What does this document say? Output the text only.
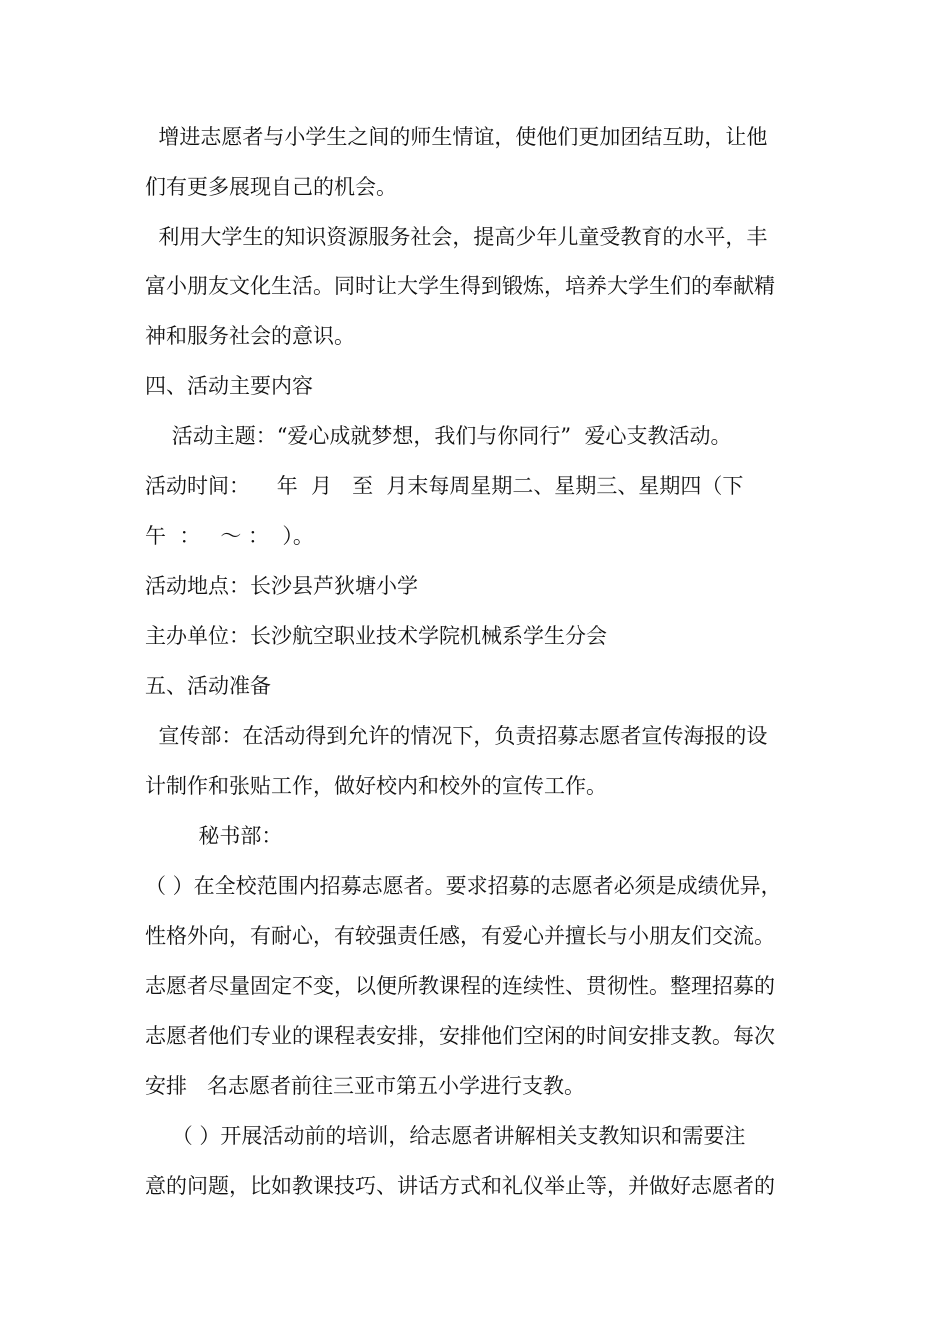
增进志愿者与小学生之间的师生情谊，使他们更加团结互助，让他
们有更多展现自己的机会。
利用大学生的知识资源服务社会，提高少年儿童受教育的水平，丰
富小朋友文化生活。同时让大学生得到锻炼，培养大学生们的奉献精
神和服务社会的意识。
四、活动主要内容
活动主题：“爱心成就梦想，我们与你同行”  爱心支教活动。
活动时间：    年  月   至  月末每周星期二、星期三、星期四（下
午  ：   ～ ：  ）。
活动地点：长沙县芦狄塘小学
主办单位：长沙航空职业技术学院机械系学生分会
五、活动准备
宣传部：在活动得到允许的情况下，负责招募志愿者宣传海报的设
计制作和张贴工作，做好校内和校外的宣传工作。
秘书部：
（ ）在全校范围内招募志愿者。要求招募的志愿者必须是成绩优异，
性格外向，有耐心，有较强责任感，有爱心并擅长与小朋友们交流。
志愿者尽量固定不变，以便所教课程的连续性、贯彻性。整理招募的
志愿者他们专业的课程表安排，安排他们空闲的时间安排支教。每次
安排   名志愿者前往三亚市第五小学进行支教。
（ ）开展活动前的培训，给志愿者讲解相关支教知识和需要注
意的问题，比如教课技巧、讲话方式和礼仪举止等，并做好志愿者的
